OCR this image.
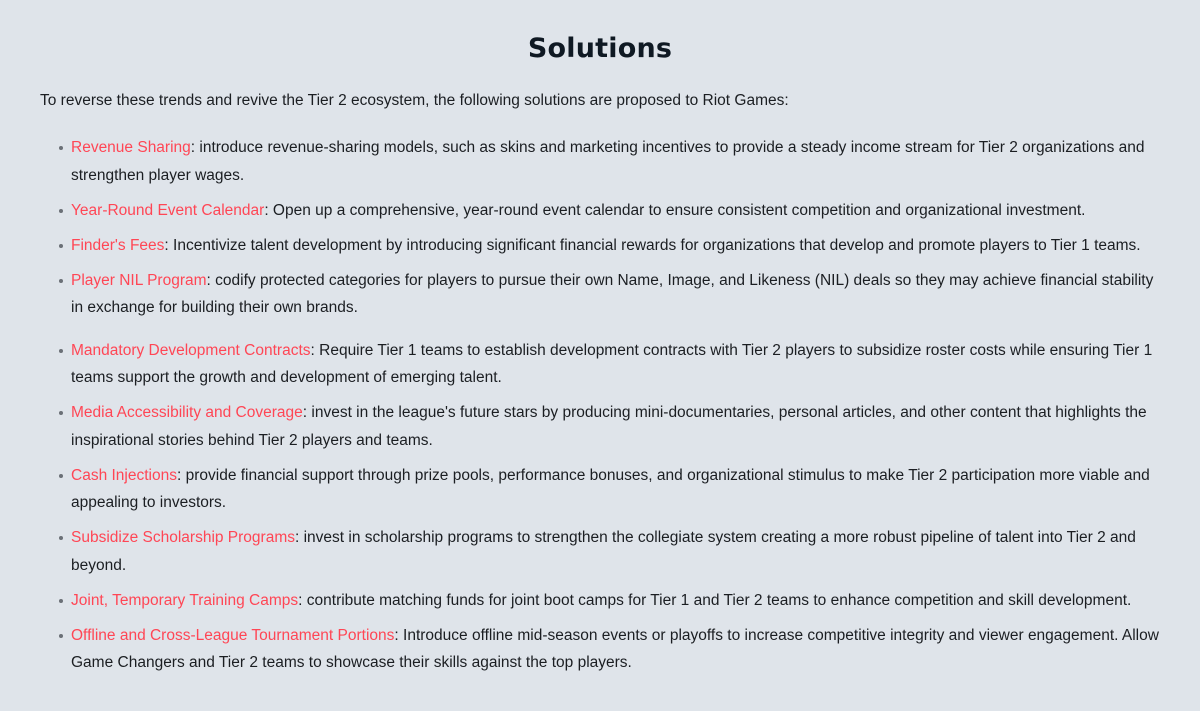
Solutions

To reverse these trends and revive the Tier 2 ecosystem, the following solutions are proposed to Riot Games:

Revenue Sharing: introduce revenue-sharing models, such as skins and marketing incentives to provide a steady income stream for Tier 2 organizations and strengthen player wages.
Year-Round Event Calendar: Open up a comprehensive, year-round event calendar to ensure consistent competition and organizational investment.
Finder's Fees: Incentivize talent development by introducing significant financial rewards for organizations that develop and promote players to Tier 1 teams.
Player NIL Program: codify protected categories for players to pursue their own Name, Image, and Likeness (NIL) deals so they may achieve financial stability in exchange for building their own brands.
Mandatory Development Contracts: Require Tier 1 teams to establish development contracts with Tier 2 players to subsidize roster costs while ensuring Tier 1 teams support the growth and development of emerging talent.
Media Accessibility and Coverage: invest in the league's future stars by producing mini-documentaries, personal articles, and other content that highlights the inspirational stories behind Tier 2 players and teams.
Cash Injections: provide financial support through prize pools, performance bonuses, and organizational stimulus to make Tier 2 participation more viable and appealing to investors.
Subsidize Scholarship Programs: invest in scholarship programs to strengthen the collegiate system creating a more robust pipeline of talent into Tier 2 and beyond.
Joint, Temporary Training Camps: contribute matching funds for joint boot camps for Tier 1 and Tier 2 teams to enhance competition and skill development.
Offline and Cross-League Tournament Portions: Introduce offline mid-season events or playoffs to increase competitive integrity and viewer engagement. Allow Game Changers and Tier 2 teams to showcase their skills against the top players.
